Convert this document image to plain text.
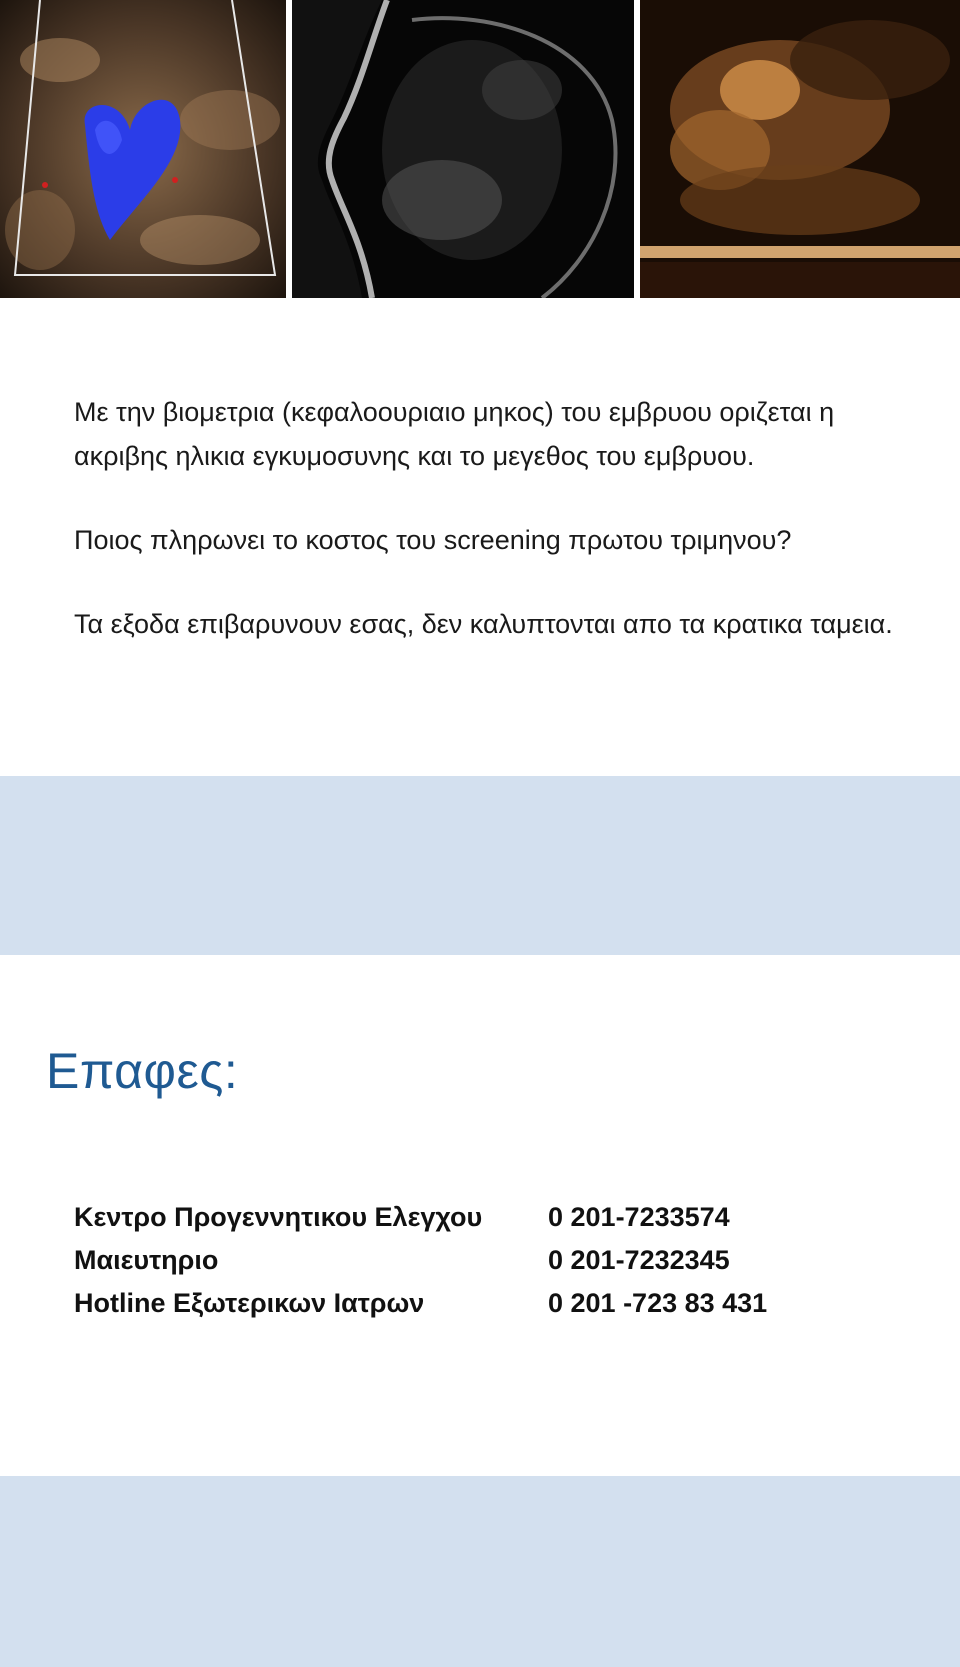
Με την βιομετρια (κεφαλοουριαιο μηκος) του εμβρυου οριζεται η ακριβης ηλικια εγκυμοσυνης και το μεγεθος του εμβρυου.

Ποιος πληρωνει το κοστος του screening πρωτου τριμηνου?

Τα εξοδα επιβαρυνουν εσας, δεν καλυπτονται απο τα κρατικα ταμεια.

Επαφες:
Κεντρο Προγεννητικου Ελεγχου	0 201-7233574
Μαιευτηριο	0 201-7232345
Hotline Εξωτερικων Ιατρων	0 201 -723 83 431
